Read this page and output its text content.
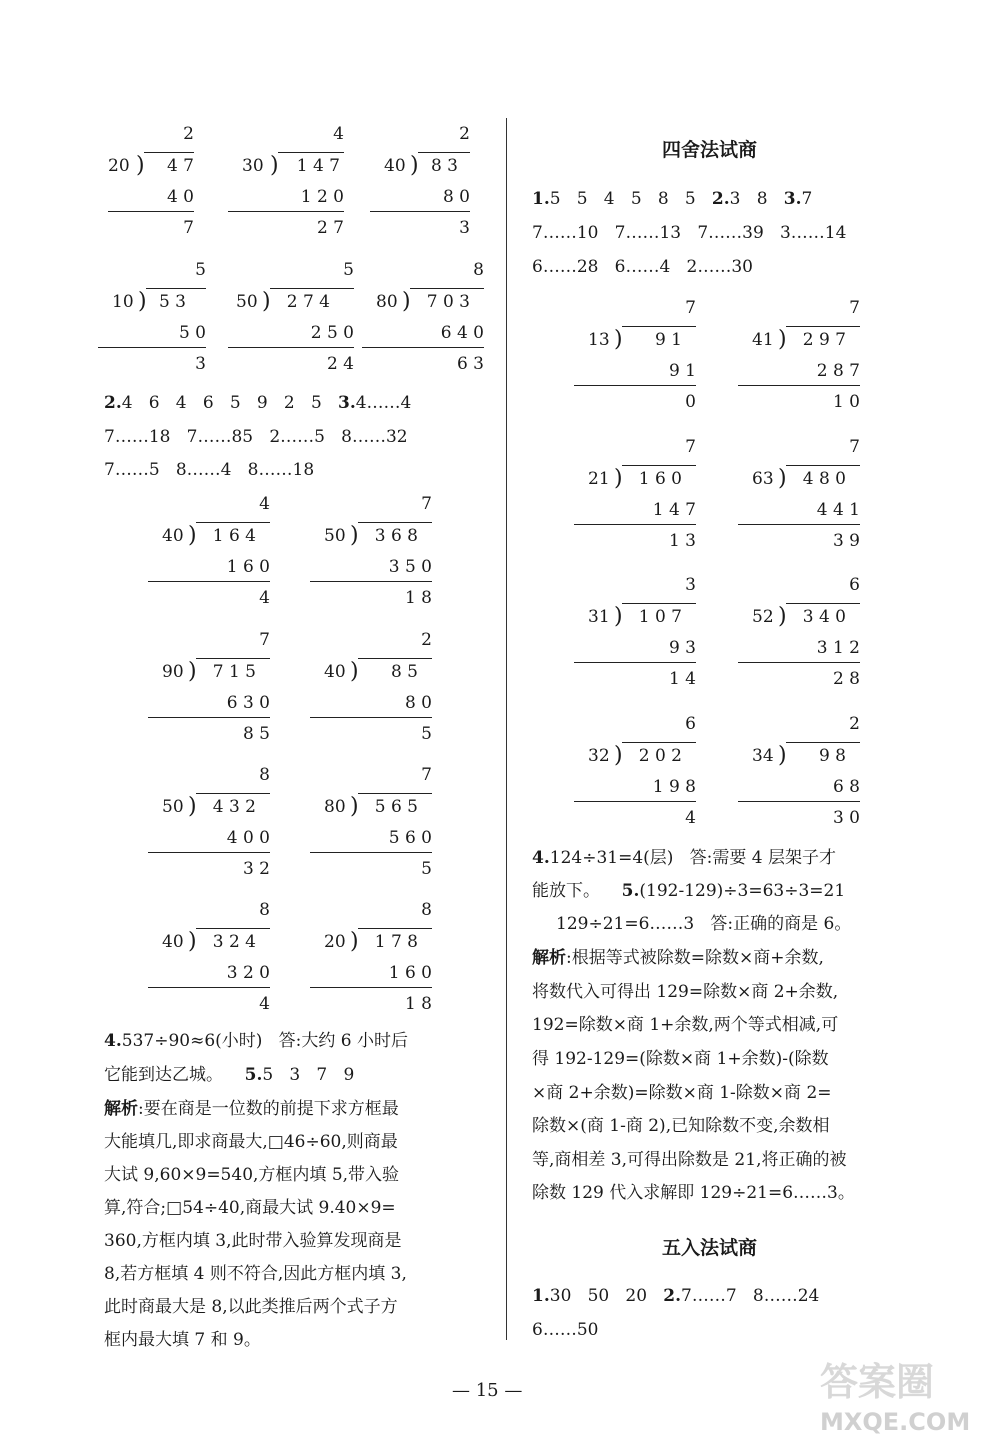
2
20 ) 4 7
4 0
7
4
30 ) 1 4 7
1 2 0
2 7
2
40 ) 8 3
8 0
3
5
10 ) 5 3
5 0
3
5
50 ) 2 7 4
2 5 0
2 4
8
80 ) 7 0 3
6 4 0
6 3
2.4   6   4   6   5   9   2   5 3.4……4
7……18   7……85   2……5   8……32
7……5   8……4   8……18
4
40 ) 1 6 4
1 6 0
4
7
50 ) 3 6 8
3 5 0
1 8
7
90 ) 7 1 5
6 3 0
8 5
2
40 ) 8 5
8 0
5
8
50 ) 4 3 2
4 0 0
3 2
7
80 ) 5 6 5
5 6 0
5
8
40 ) 3 2 4
3 2 0
4
8
20 ) 1 7 8
1 6 0
1 8
4.537÷90≈6(小时)   答:大约 6 小时后
它能到达乙城。 5.5   3   7   9
解析:要在商是一位数的前提下求方框最
大能填几,即求商最大,□46÷60,则商最
大试 9,60×9=540,方框内填 5,带入验
算,符合;□54÷40,商最大试 9.40×9=
360,方框内填 3,此时带入验算发现商是
8,若方框填 4 则不符合,因此方框内填 3,
此时商最大是 8,以此类推后两个式子方
框内最大填 7 和 9。
四舍法试商
1.5   5   4   5   8   5 2.3   8 3.7
7……10   7……13   7……39   3……14
6……28   6……4   2……30
7
13 ) 9 1
9 1
0
7
41 ) 2 9 7
2 8 7
1 0
7
21 ) 1 6 0
1 4 7
1 3
7
63 ) 4 8 0
4 4 1
3 9
3
31 ) 1 0 7
9 3
1 4
6
52 ) 3 4 0
3 1 2
2 8
6
32 ) 2 0 2
1 9 8
4
2
34 ) 9 8
6 8
3 0
4.124÷31=4(层)   答:需要 4 层架子才
能放下。 5.(192-129)÷3=63÷3=21
129÷21=6……3   答:正确的商是 6。
解析:根据等式被除数=除数×商+余数,
将数代入可得出 129=除数×商 2+余数,
192=除数×商 1+余数,两个等式相减,可
得 192-129=(除数×商 1+余数)-(除数
×商 2+余数)=除数×商 1-除数×商 2=
除数×(商 1-商 2),已知除数不变,余数相
等,商相差 3,可得出除数是 21,将正确的被
除数 129 代入求解即 129÷21=6……3。
五入法试商
1.30   50   20 2.7……7   8……24
6……50
— 15 —	答案圈
MXQE.COM
